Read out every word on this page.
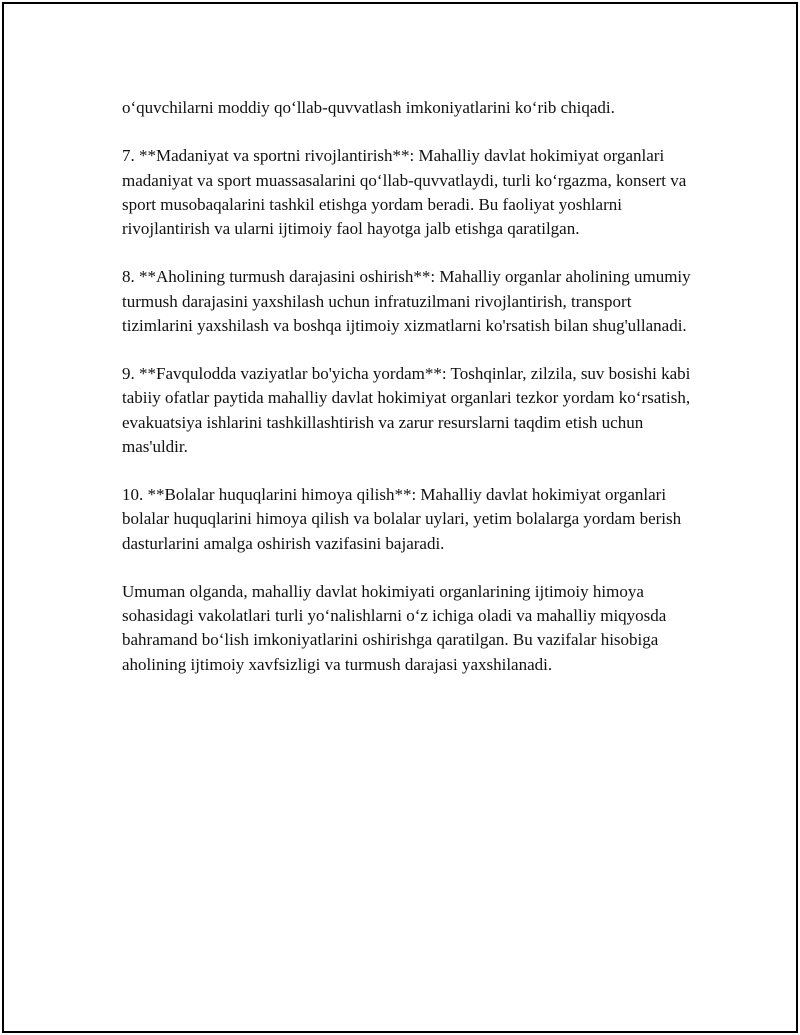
o‘quvchilarni moddiy qo‘llab-quvvatlash imkoniyatlarini ko‘rib chiqadi.

7. **Madaniyat va sportni rivojlantirish**: Mahalliy davlat hokimiyat organlari madaniyat va sport muassasalarini qo‘llab-quvvatlaydi, turli ko‘rgazma, konsert va sport musobaqalarini tashkil etishga yordam beradi. Bu faoliyat yoshlarni rivojlantirish va ularni ijtimoiy faol hayotga jalb etishga qaratilgan.

8. **Aholining turmush darajasini oshirish**: Mahalliy organlar aholining umumiy turmush darajasini yaxshilash uchun infratuzilmani rivojlantirish, transport tizimlarini yaxshilash va boshqa ijtimoiy xizmatlarni ko'rsatish bilan shug'ullanadi.

9. **Favqulodda vaziyatlar bo'yicha yordam**: Toshqinlar, zilzila, suv bosishi kabi tabiiy ofatlar paytida mahalliy davlat hokimiyat organlari tezkor yordam ko‘rsatish, evakuatsiya ishlarini tashkillashtirish va zarur resurslarni taqdim etish uchun mas'uldir.

10. **Bolalar huquqlarini himoya qilish**: Mahalliy davlat hokimiyat organlari bolalar huquqlarini himoya qilish va bolalar uylari, yetim bolalarga yordam berish dasturlarini amalga oshirish vazifasini bajaradi.

Umuman olganda, mahalliy davlat hokimiyati organlarining ijtimoiy himoya sohasidagi vakolatlari turli yo‘nalishlarni o‘z ichiga oladi va mahalliy miqyosda bahramand bo‘lish imkoniyatlarini oshirishga qaratilgan. Bu vazifalar hisobiga aholining ijtimoiy xavfsizligi va turmush darajasi yaxshilanadi.
